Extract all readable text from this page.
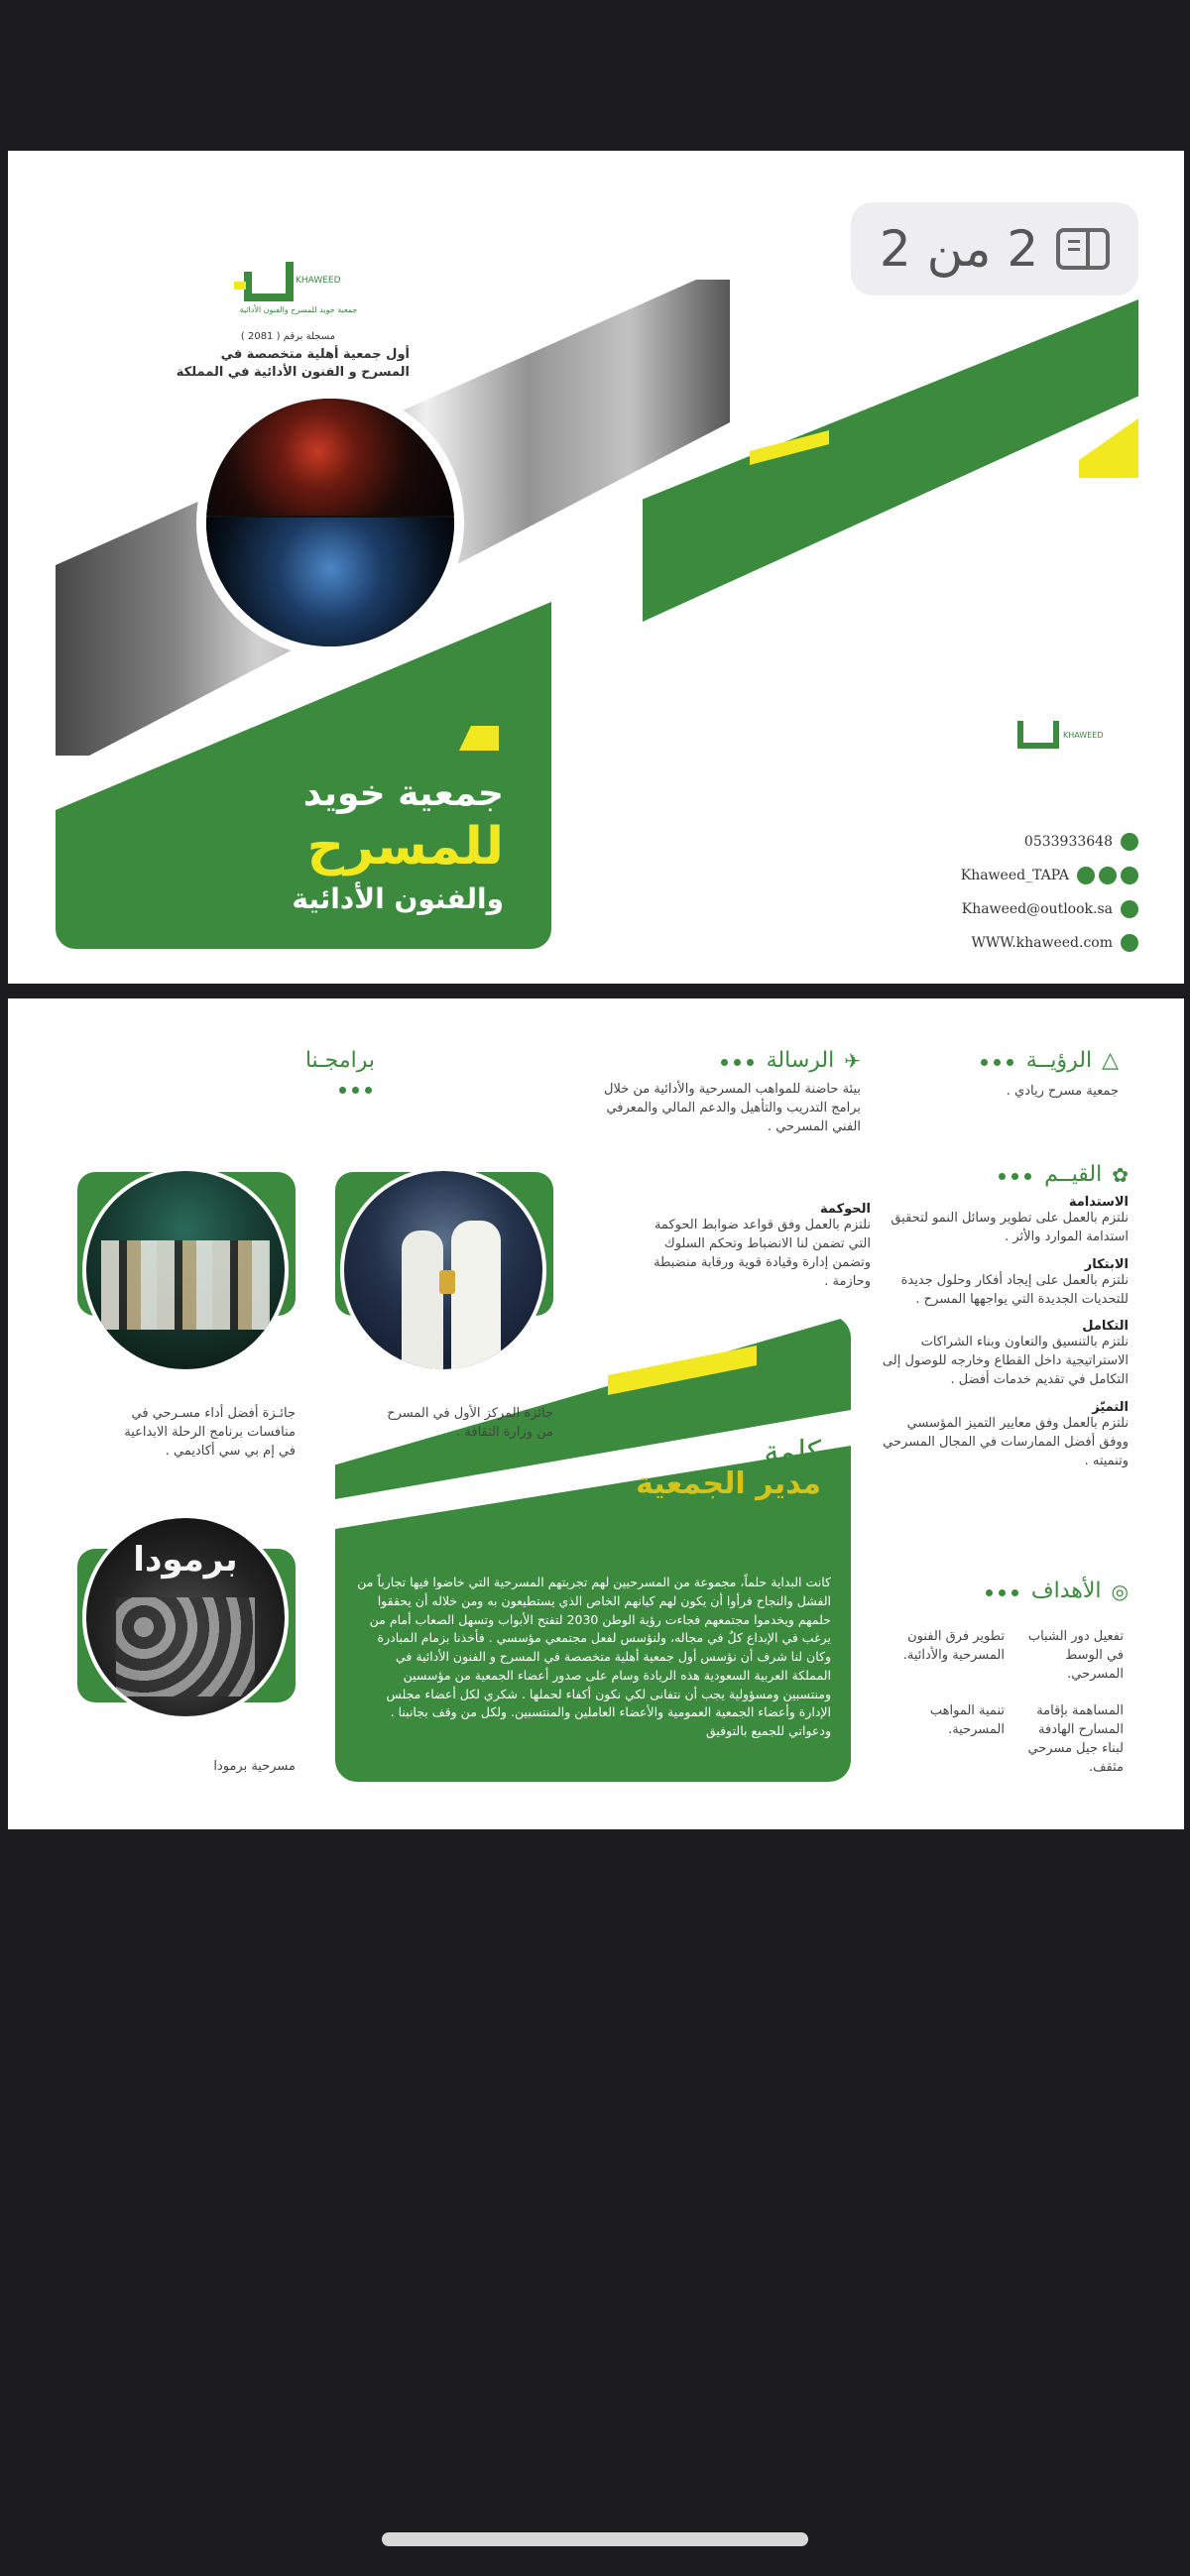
2 من 2
KHAWEED
جمعية خويد للمسرح والفنون الأدائية
مسجلة برقم ( 2081 )
أول جمعية أهلية متخصصة في
المسرح و الفنون الأدائية في المملكة
جمعية خويد
للمسرح
والفنون الأدائية
KHAWEED
0533933648
Khaweed_TAPA
Khaweed@outlook.sa
WWW.khaweed.com
△
الرؤيــة
جمعية مسرح ريادي .
✈
الرسالة
بيئة حاضنة للمواهب المسرحية والأدائية من خلال برامج التدريب والتأهيل والدعم المالي والمعرفي الفني المسرحي .
برامجـنا
✿
القيــم
الاستدامة
نلتزم بالعمل على تطوير وسائل النمو لتحقيق استدامة الموارد والأثر .
الابتكار
نلتزم بالعمل على إيجاد أفكار وحلول جديدة للتحديات الجديدة التي يواجهها المسرح .
التكامل
نلتزم بالتنسيق والتعاون وبناء الشراكات الاستراتيجية داخل القطاع وخارجه للوصول إلى التكامل في تقديم خدمات أفضل .
التميّز
نلتزم بالعمل وفق معايير التميز المؤسسي ووفق أفضل الممارسات في المجال المسرحي وتنميته .
الحوكمة
نلتزم بالعمل وفق قواعد ضوابط الحوكمة التي تضمن لنا الانضباط وتحكم السلوك وتضمن إدارة وقيادة قوية ورقابة منضبطة وحازمة .
◎
الأهداف
تفعيل دور الشباب في الوسط المسرحي.
تطوير فرق الفنون المسرحية والأدائية.
المساهمة بإقامة المسارح الهادفة لبناء جيل مسرحي مثقف.
تنمية المواهب المسرحية.
كلمة
مدير الجمعية
كانت البداية حلماً، مجموعة من المسرحيين لهم تجربتهم المسرحية التي خاضوا فيها تجارباً من الفشل والنجاح فرأوا أن يكون لهم كيانهم الخاص الذي يستطيعون به ومن خلاله أن يحققوا حلمهم ويخدموا مجتمعهم فجاءت رؤية الوطن 2030 لتفتح الأبواب وتسهل الصعاب أمام من يرغب في الإبداع كلٌ في مجاله، ولنؤسس لفعل مجتمعي مؤسسي . فأخذنا بزمام المبادرة وكان لنا شرف أن نؤسس أول جمعية أهلية متخصصة في المسرح و الفنون الأدائية في المملكة العربية السعودية هذه الريادة وسام على صدور أعضاء الجمعية من مؤسسين ومنتسبين ومسؤولية يجب أن نتفانى لكي نكون أكفاء لحملها . شكري لكل أعضاء مجلس الإدارة وأعضاء الجمعية العمومية والأعضاء العاملين والمنتسبين. ولكل من وقف بجانبنا . ودعواتي للجميع بالتوفيق
جائزة المركز الأول في المسرح
من وزارة الثقافة .
جائـزة أفضل أداء مسـرحي في
منافسات برنامج الرحلة الابداعية
في إم بي سي أكاديمي .
برمودا
مسرحية برمودا
